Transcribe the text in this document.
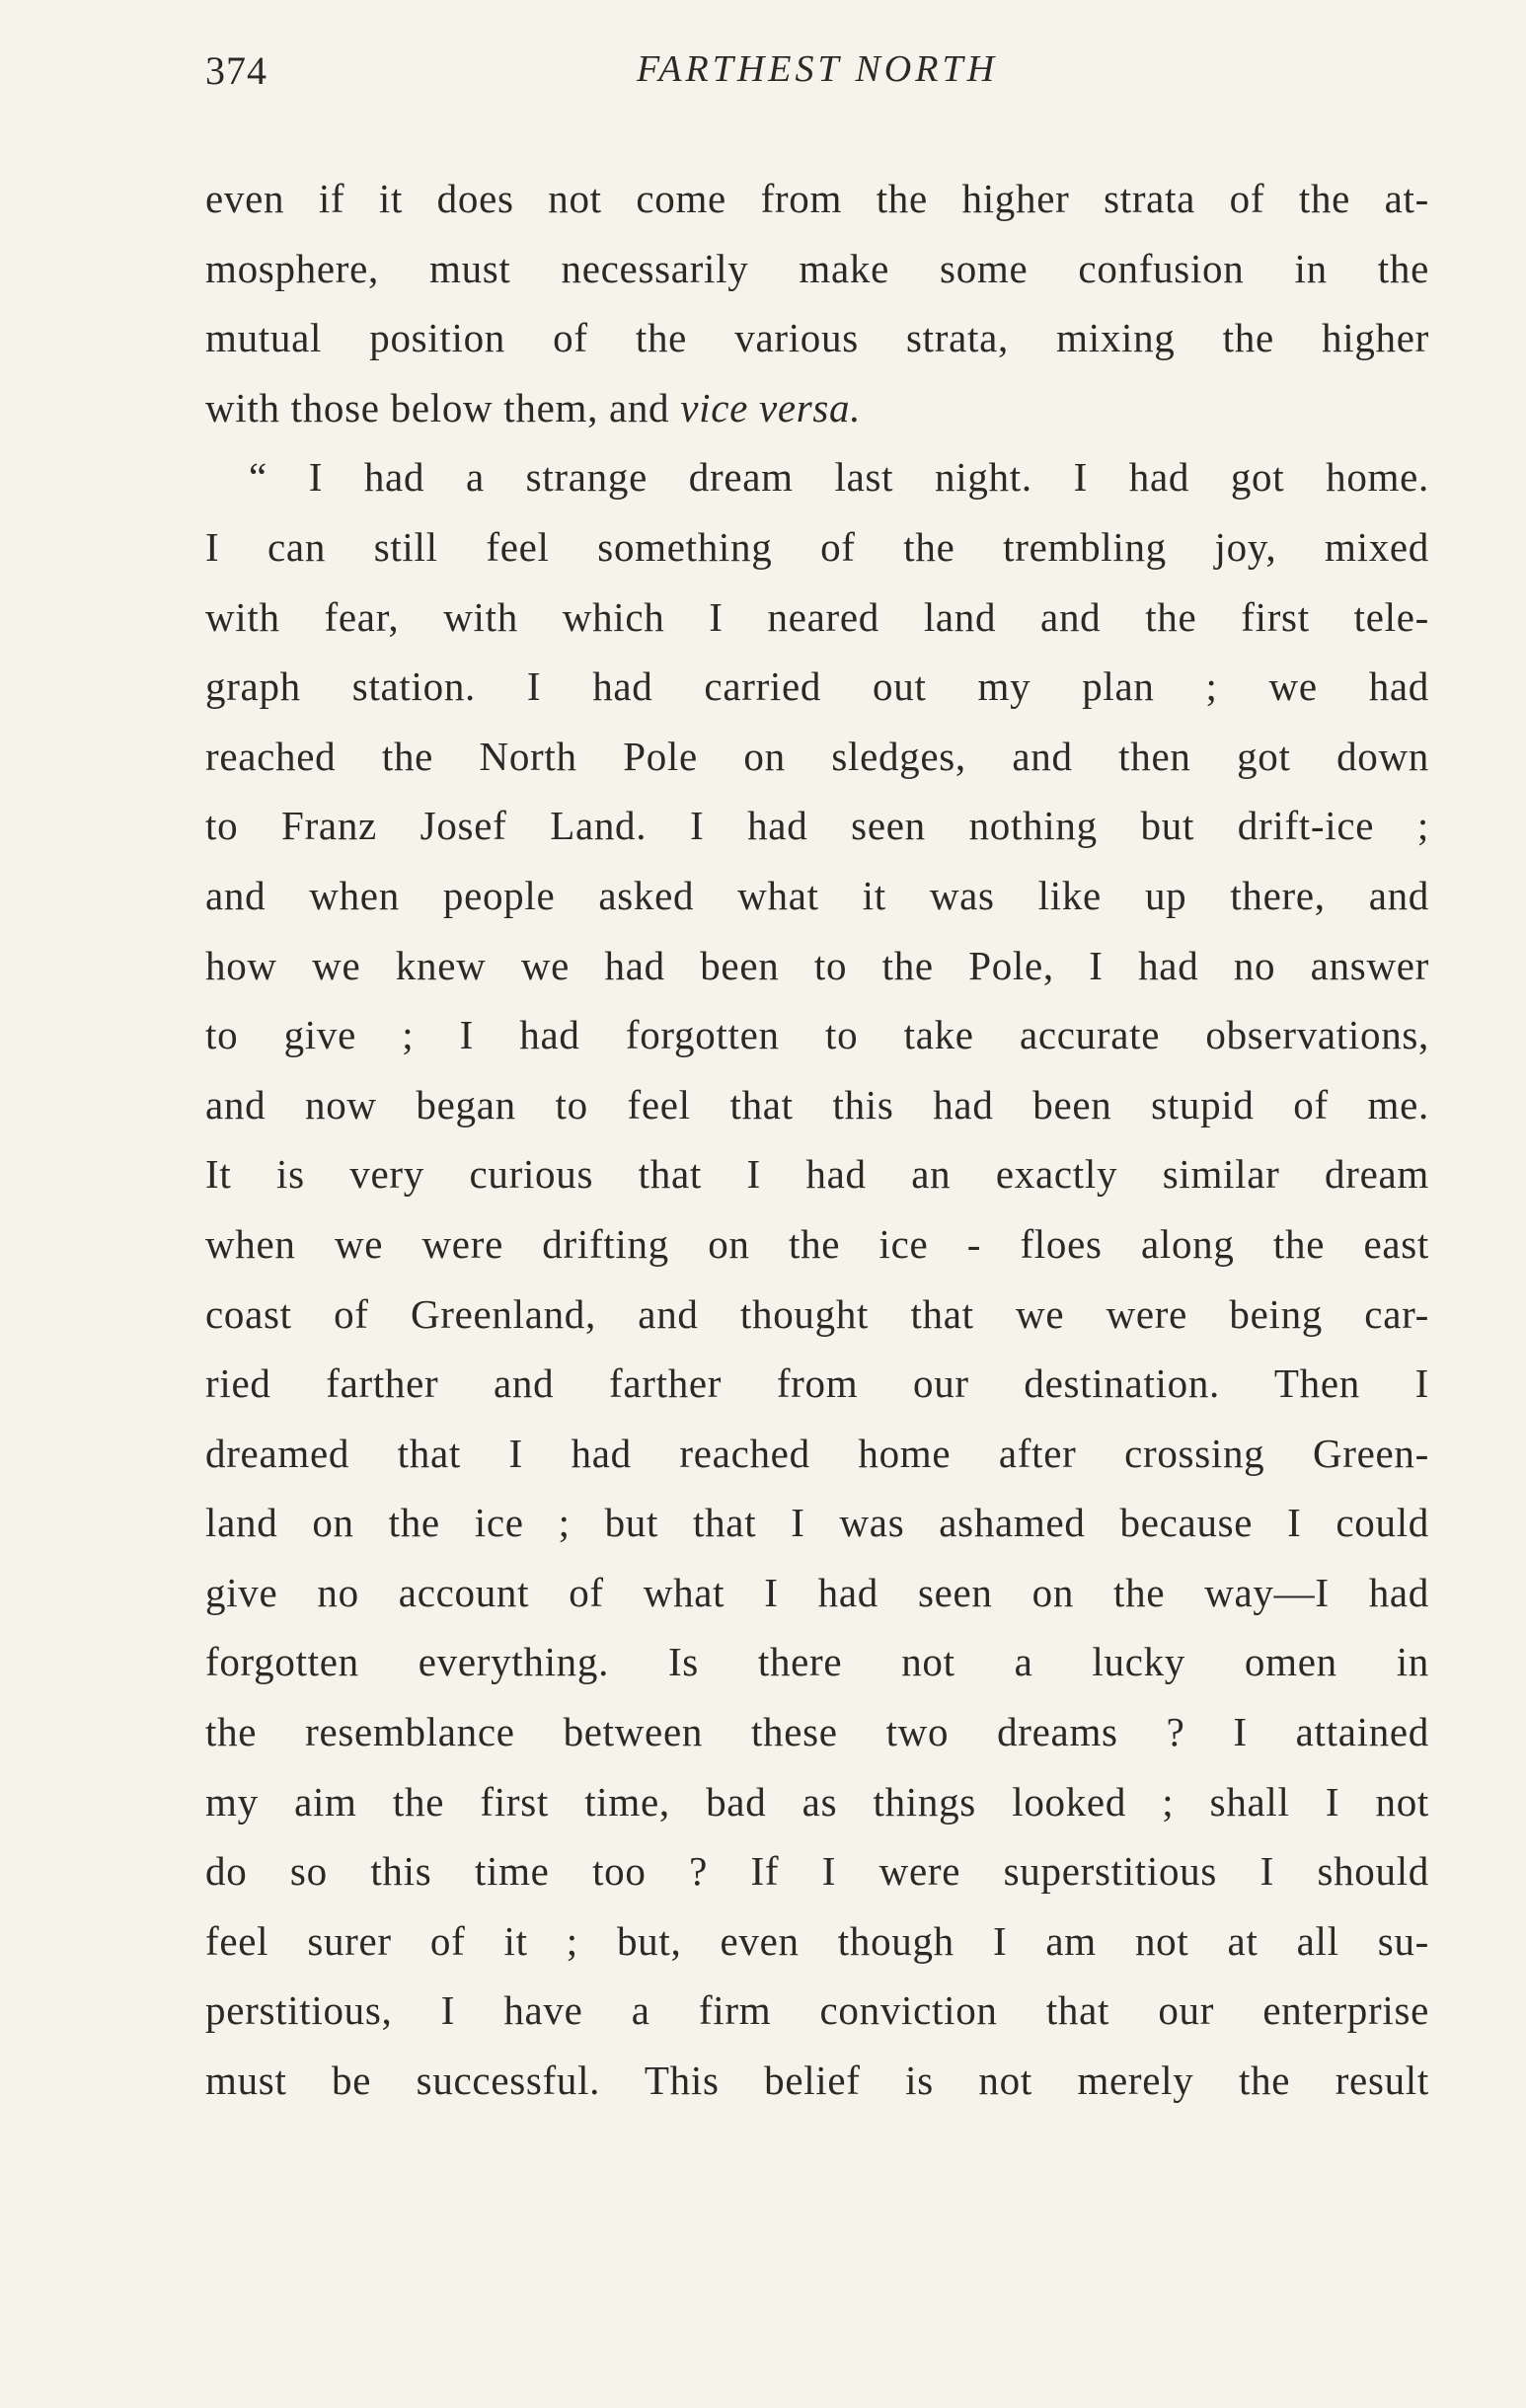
374	FARTHEST NORTH
even if it does not come from the higher strata of the at-
mosphere, must necessarily make some confusion in the
mutual position of the various strata, mixing the higher
with those below them, and vice versa.
“ I had a strange dream last night. I had got home.
I can still feel something of the trembling joy, mixed
with fear, with which I neared land and the first tele-
graph station. I had carried out my plan ; we had
reached the North Pole on sledges, and then got down
to Franz Josef Land. I had seen nothing but drift-ice ;
and when people asked what it was like up there, and
how we knew we had been to the Pole, I had no answer
to give ; I had forgotten to take accurate observations,
and now began to feel that this had been stupid of me.
It is very curious that I had an exactly similar dream
when we were drifting on the ice - floes along the east
coast of Greenland, and thought that we were being car-
ried farther and farther from our destination. Then I
dreamed that I had reached home after crossing Green-
land on the ice ; but that I was ashamed because I could
give no account of what I had seen on the way—I had
forgotten everything. Is there not a lucky omen in
the resemblance between these two dreams ? I attained
my aim the first time, bad as things looked ; shall I not
do so this time too ? If I were superstitious I should
feel surer of it ; but, even though I am not at all su-
perstitious, I have a firm conviction that our enterprise
must be successful. This belief is not merely the result
